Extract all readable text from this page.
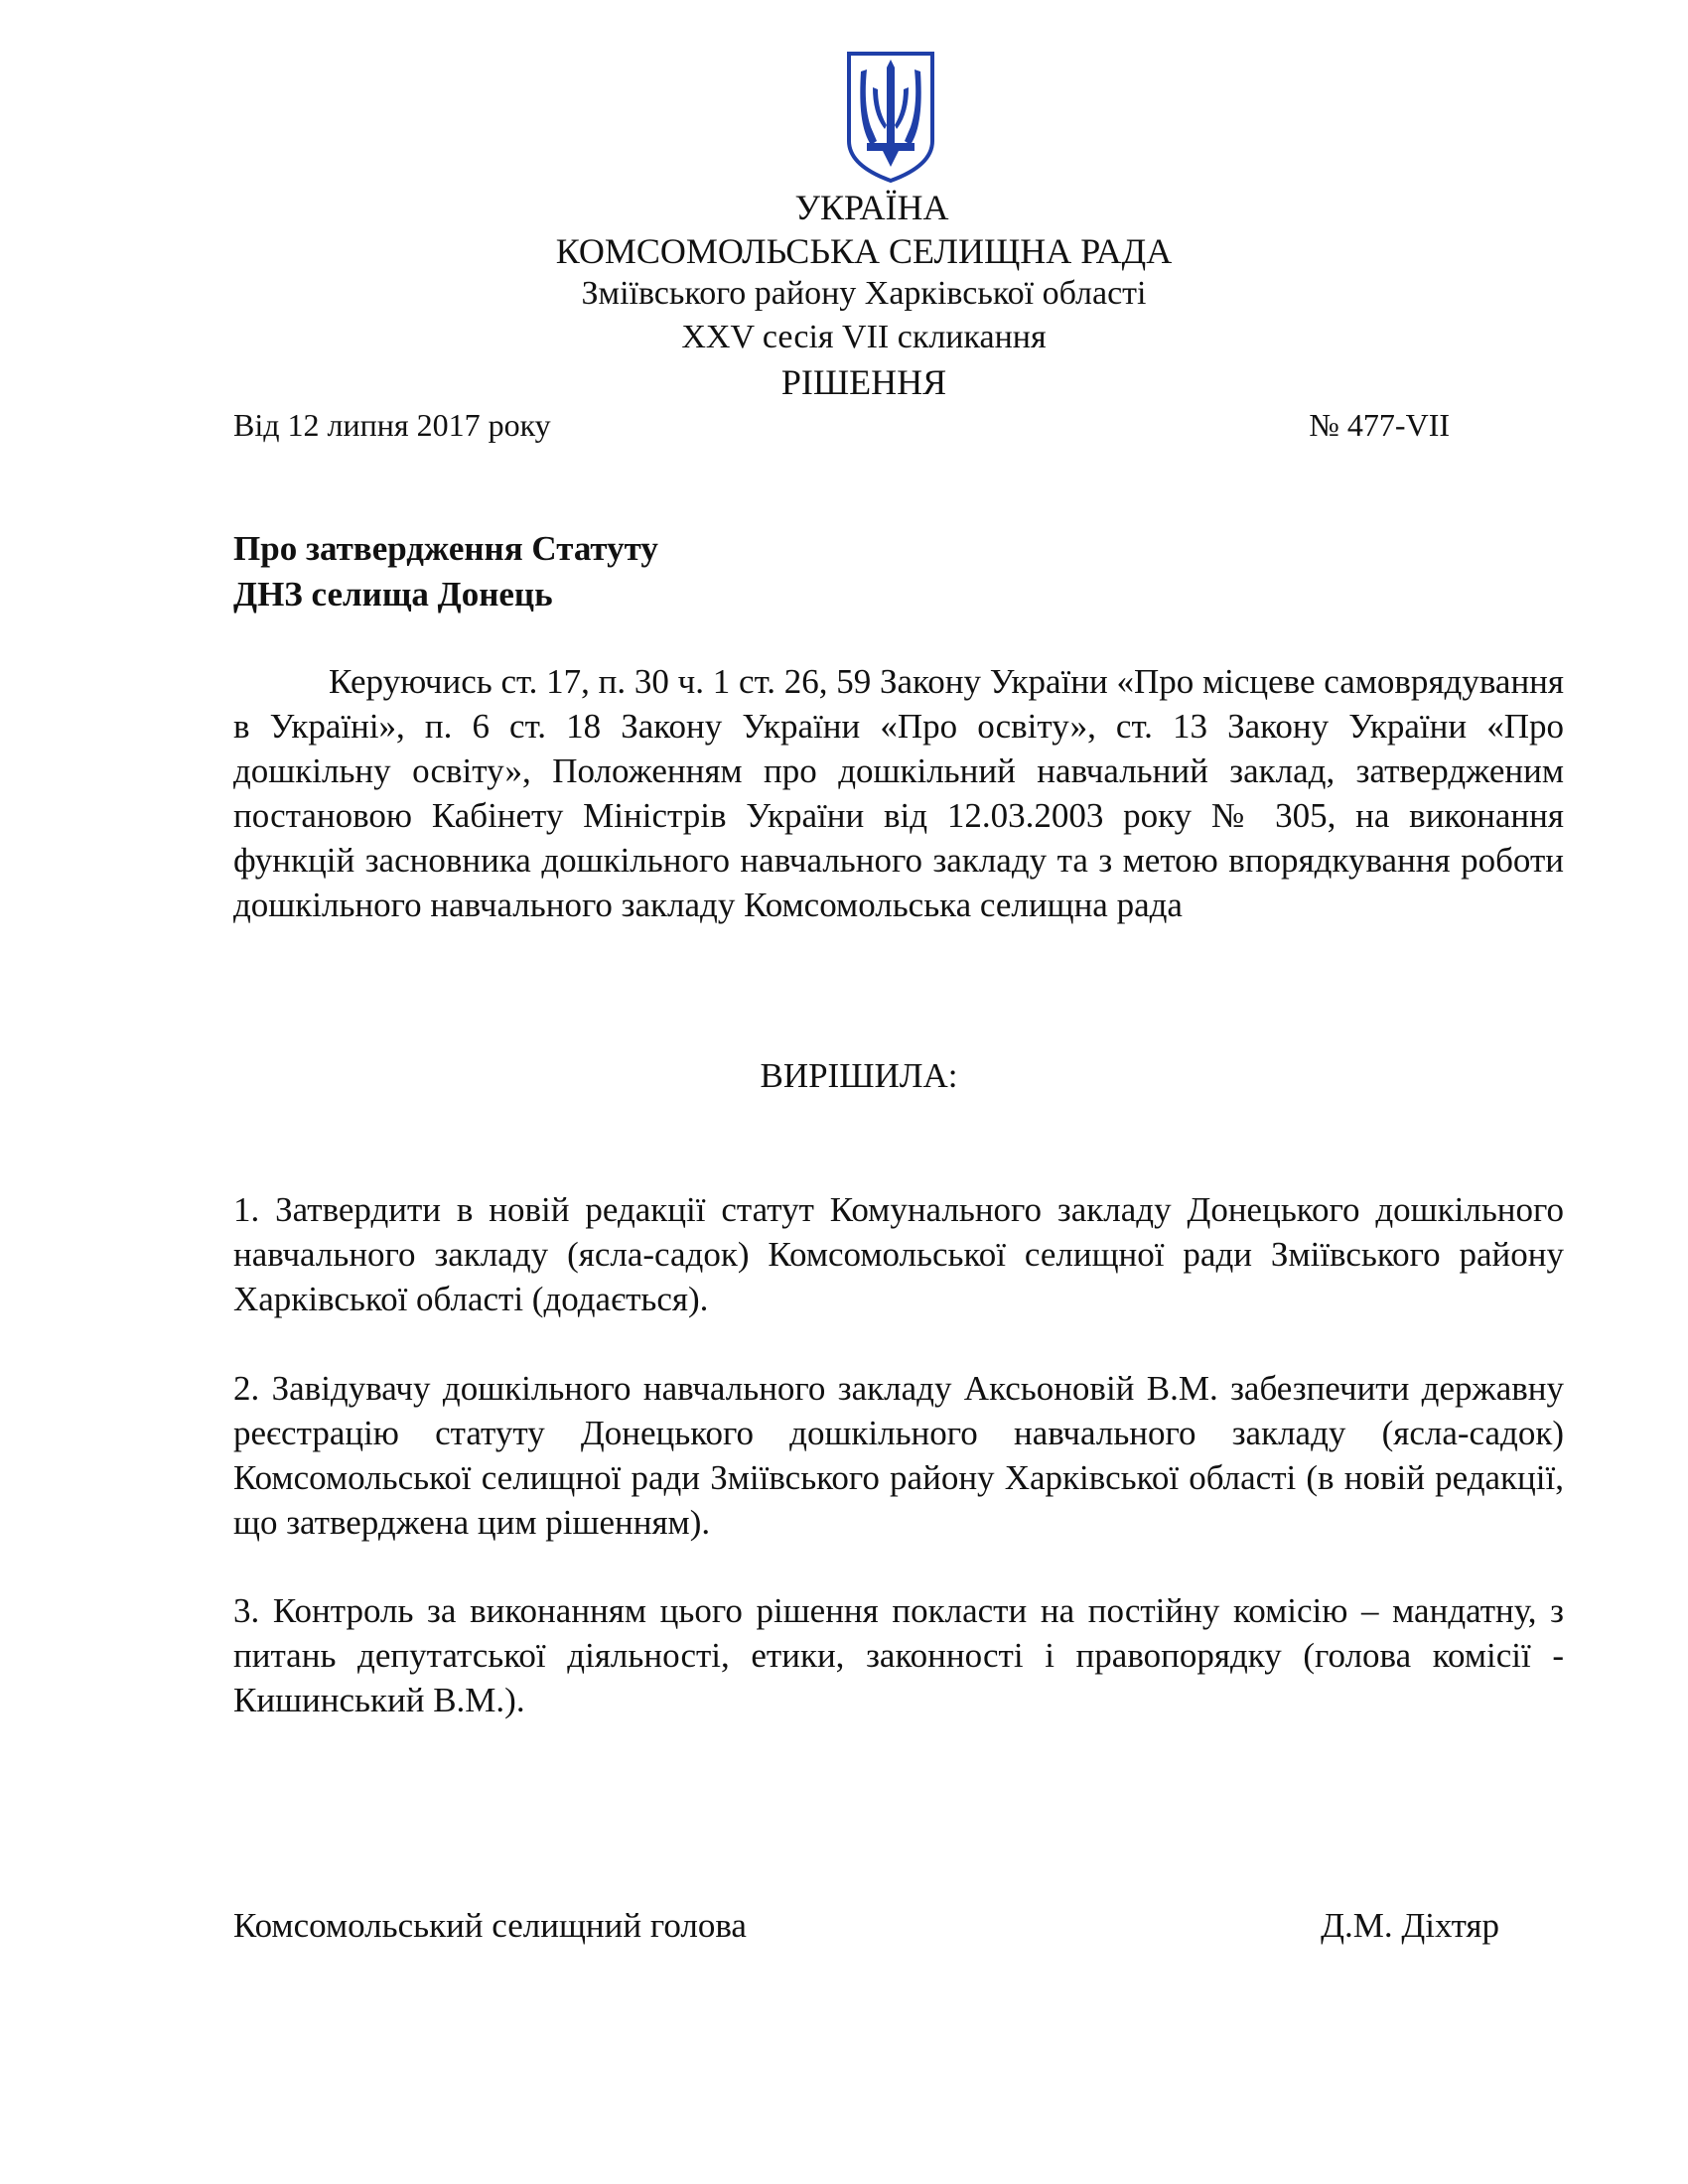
УКРАЇНА
КОМСОМОЛЬСЬКА СЕЛИЩНА РАДА
Зміївського району Харківської області
XXV сесія VII скликання
РІШЕННЯ
Від 12 липня 2017 року	№ 477-VII
Про затвердження Статуту
ДНЗ селища Донець
Керуючись ст. 17, п. 30 ч. 1 ст. 26, 59 Закону України «Про місцеве самоврядування в Україні», п. 6 ст. 18 Закону України «Про освіту», ст. 13 Закону України «Про дошкільну освіту», Положенням про дошкільний навчальний заклад, затвердженим постановою Кабінету Міністрів України від 12.03.2003 року № 305, на виконання функцій засновника дошкільного навчального закладу та з метою впорядкування роботи дошкільного навчального закладу Комсомольська селищна рада
ВИРІШИЛА:
1. Затвердити в новій редакції статут Комунального закладу Донецького дошкільного навчального закладу (ясла-садок) Комсомольської селищної ради Зміївського району Харківської області (додається).
2. Завідувачу дошкільного навчального закладу Аксьоновій В.М. забезпечити державну реєстрацію статуту Донецького дошкільного навчального закладу (ясла-садок) Комсомольської селищної ради Зміївського району Харківської області (в новій редакції, що затверджена цим рішенням).
3. Контроль за виконанням цього рішення покласти на постійну комісію – мандатну, з питань депутатської діяльності, етики, законності і правопорядку (голова комісії - Кишинський В.М.).
Комсомольський селищний голова	Д.М. Діхтяр
